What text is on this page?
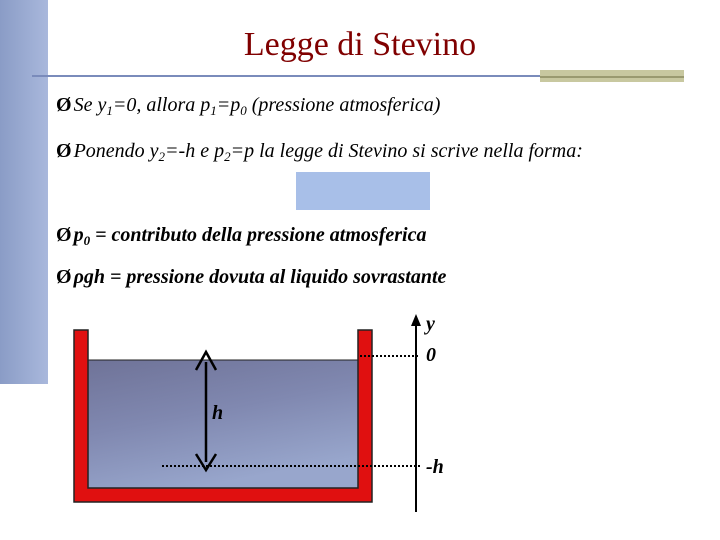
Legge di Stevino
Ø Se $y_1=0$, allora $p_1=p_0$ (pressione atmosferica)
Ø Ponendo $y_2=-h$ e $p_2=p$ la legge di Stevino si scrive nella forma:
Ø $p_0$ = contributo della pressione atmosferica
Ø ρgh = pressione dovuta al liquido sovrastante
y
0
h
-h
